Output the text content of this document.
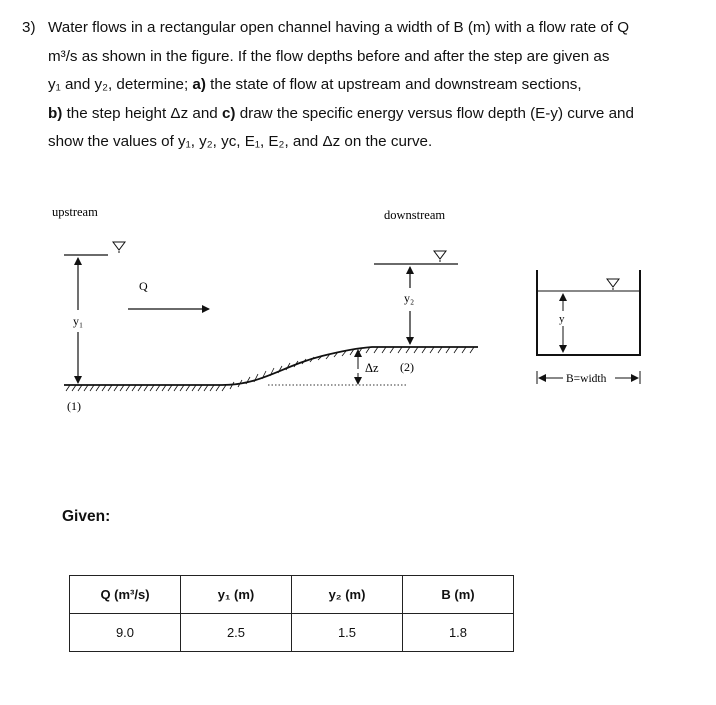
3) Water flows in a rectangular open channel having a width of B (m) with a flow rate of Q
m³/s as shown in the figure. If the flow depths before and after the step are given as
y₁ and y₂, determine; a) the state of flow at upstream and downstream sections,
b) the step height Δz and c) draw the specific energy versus flow depth (E-y) curve and
show the values of y₁, y₂, yc, E₁, E₂, and Δz on the curve.
upstream	downstream
y₁
Q
Δz (2)
(1)
y₂
y
B=width
Given:
Q (m³/s)	y₁ (m)	y₂ (m)	B (m)
9.0	2.5	1.5	1.8
